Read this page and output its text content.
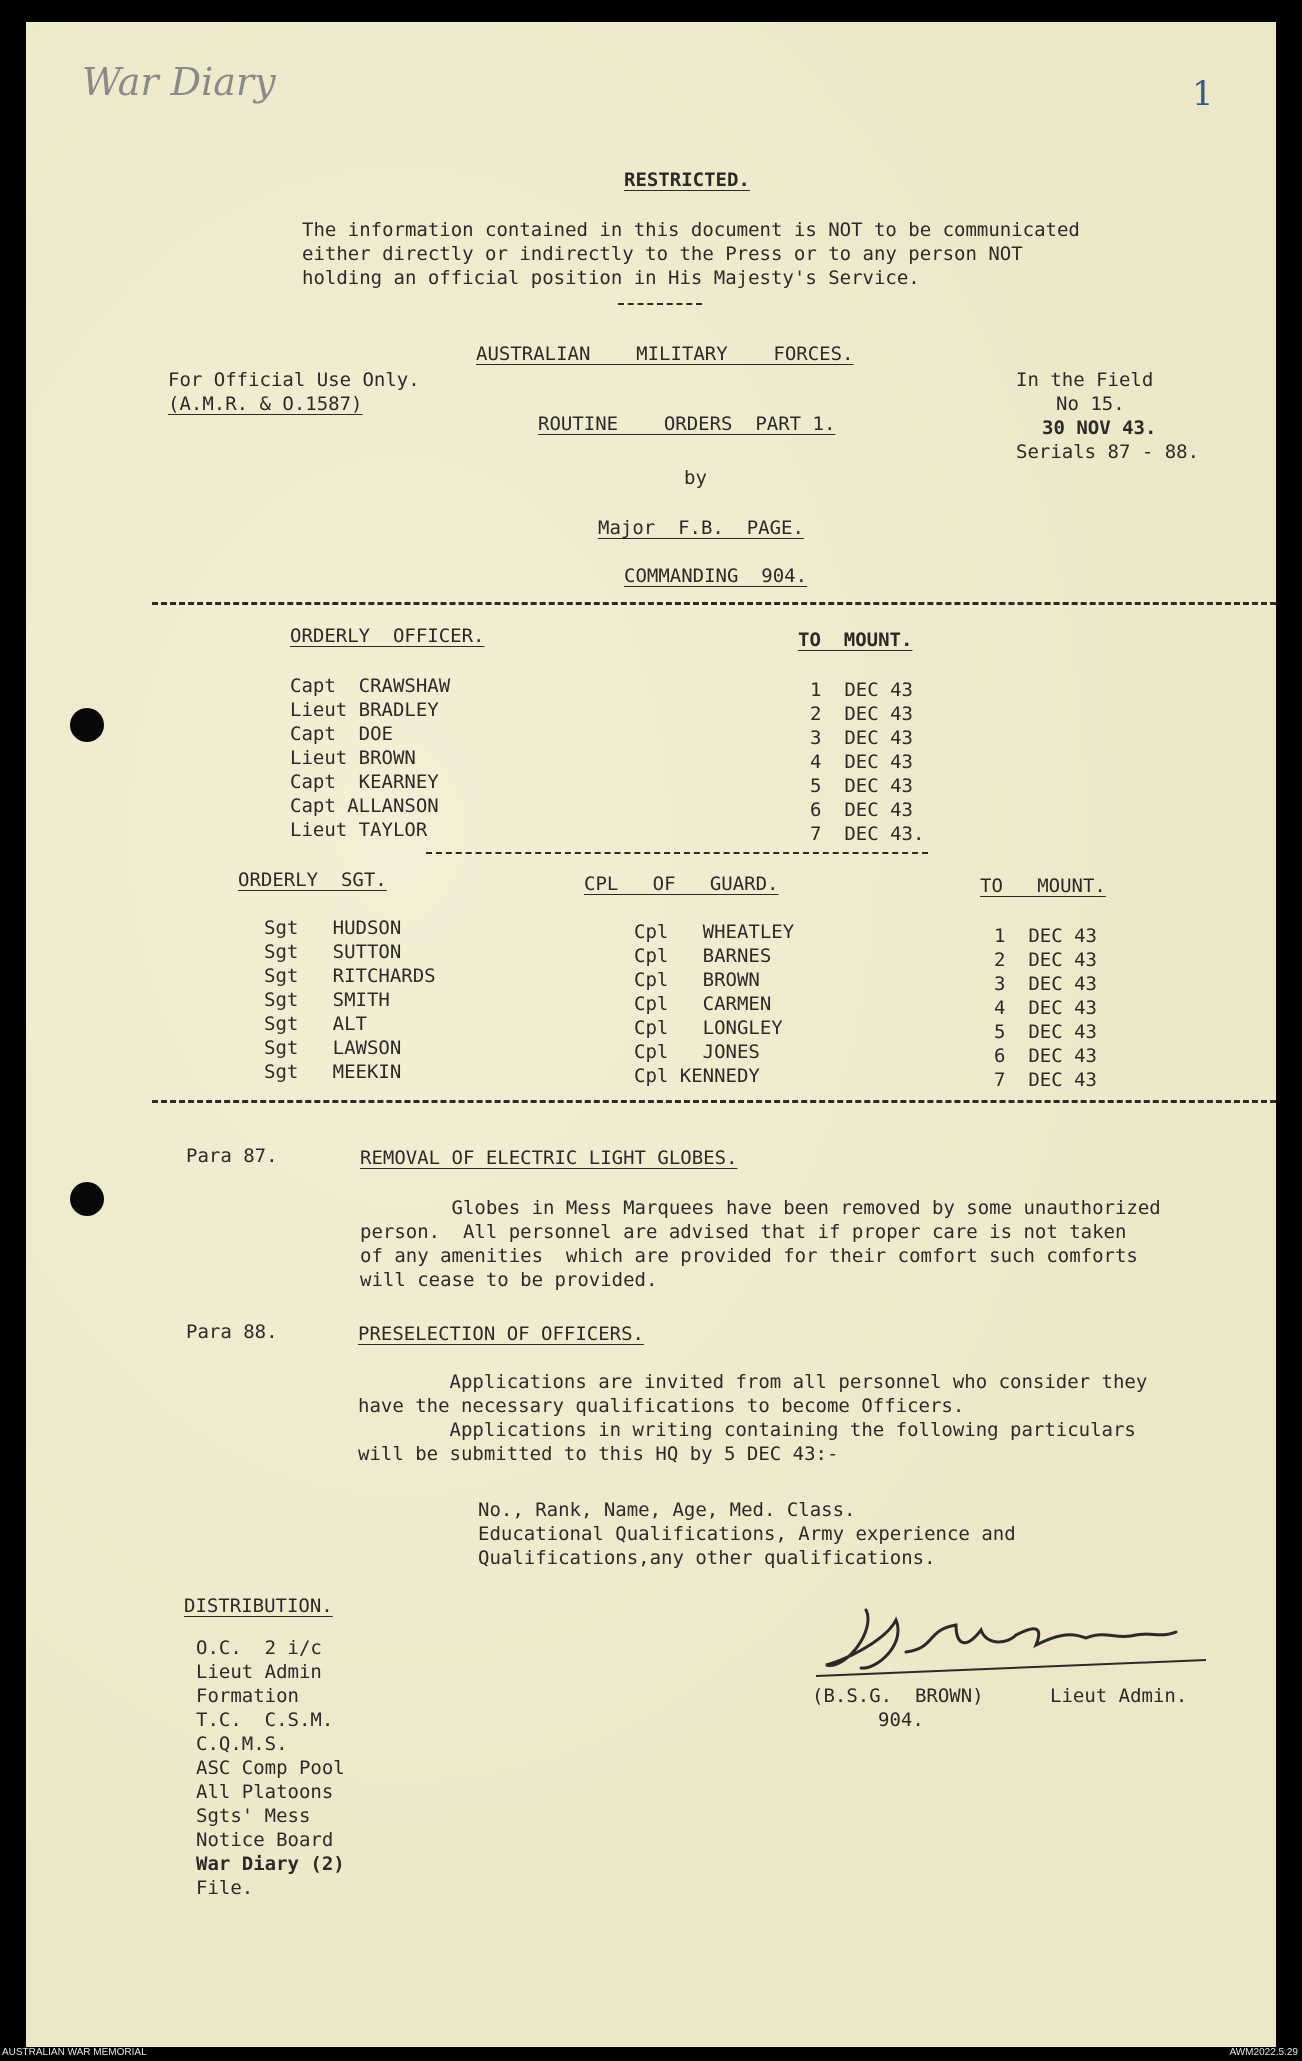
War Diary	1
RESTRICTED.
The information contained in this document is NOT to be communicated
either directly or indirectly to the Press or to any person NOT
holding an official position in His Majesty's Service.
For Official Use Only.
(A.M.R. & O.1587)
AUSTRALIAN    MILITARY    FORCES.
ROUTINE    ORDERS  PART 1.
by
Major  F.B.  PAGE.
COMMANDING  904.
In the Field
No 15.
30 NOV 43.
Serials 87 - 88.
ORDERLY  OFFICER.	TO  MOUNT.
Capt  CRAWSHAW	1  DEC 43
Lieut BRADLEY	2  DEC 43
Capt  DOE	3  DEC 43
Lieut BROWN	4  DEC 43
Capt  KEARNEY	5  DEC 43
Capt ALLANSON	6  DEC 43
Lieut TAYLOR	7  DEC 43.
ORDERLY  SGT.	CPL   OF   GUARD.	TO   MOUNT.
Sgt   HUDSON	Cpl   WHEATLEY	1  DEC 43
Sgt   SUTTON	Cpl   BARNES	2  DEC 43
Sgt   RITCHARDS	Cpl   BROWN	3  DEC 43
Sgt   SMITH	Cpl   CARMEN	4  DEC 43
Sgt   ALT	Cpl   LONGLEY	5  DEC 43
Sgt   LAWSON	Cpl   JONES	6  DEC 43
Sgt   MEEKIN	Cpl KENNEDY	7  DEC 43
Para 87.	REMOVAL OF ELECTRIC LIGHT GLOBES.
Globes in Mess Marquees have been removed by some unauthorized
person.  All personnel are advised that if proper care is not taken
of any amenities  which are provided for their comfort such comforts
will cease to be provided.
Para 88.	PRESELECTION OF OFFICERS.
Applications are invited from all personnel who consider they
have the necessary qualifications to become Officers.
Applications in writing containing the following particulars
will be submitted to this HQ by 5 DEC 43:-
No., Rank, Name, Age, Med. Class.
Educational Qualifications, Army experience and
Qualifications,any other qualifications.
DISTRIBUTION.
O.C.  2 i/c
Lieut Admin
Formation
T.C.  C.S.M.
C.Q.M.S.
ASC Comp Pool
All Platoons
Sgts' Mess
Notice Board
War Diary (2)
File.
(B.S.G.  BROWN)	Lieut Admin.
904.
AUSTRALIAN WAR MEMORIAL	AWM2022.5.29
